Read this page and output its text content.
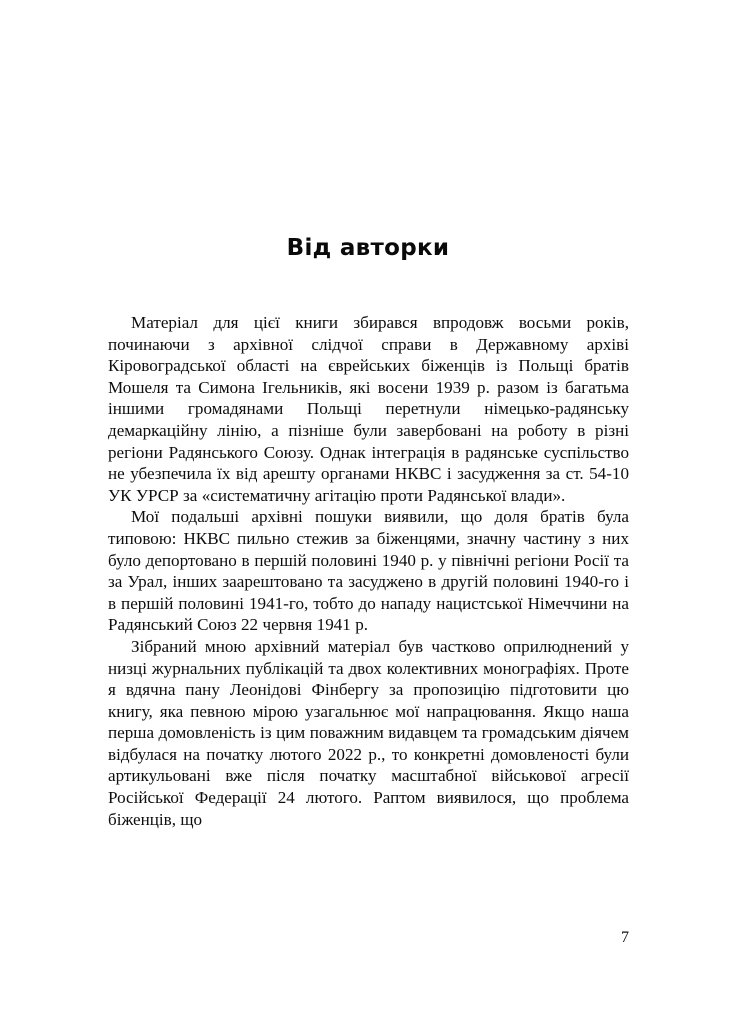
Від авторки

Матеріал для цієї книги збирався впродовж восьми років, починаючи з архівної слідчої справи в Державному архіві Кіровоградської області на єврейських біженців із Польщі братів Мошеля та Симона Ігельників, які восени 1939 р. разом із багатьма іншими громадянами Польщі перетнули німецько-радянську демаркаційну лінію, а пізніше були завербовані на роботу в різні регіони Радянського Союзу. Однак інтеграція в радянське суспільство не убезпечила їх від арешту органами НКВС і засудження за ст. 54-10 УК УРСР за «систематичну агітацію проти Радянської влади».

Мої подальші архівні пошуки виявили, що доля братів була типовою: НКВС пильно стежив за біженцями, значну частину з них було депортовано в першій половині 1940 р. у північні регіони Росії та за Урал, інших заарештовано та засуджено в другій половині 1940-го і в першій половині 1941-го, тобто до нападу нацистської Німеччини на Радянський Союз 22 червня 1941 р.

Зібраний мною архівний матеріал був частково оприлюднений у низці журнальних публікацій та двох колективних монографіях. Проте я вдячна пану Леонідові Фінбергу за пропозицію підготовити цю книгу, яка певною мірою узагальнює мої напрацювання. Якщо наша перша домовленість із цим поважним видавцем та громадським діячем відбулася на початку лютого 2022 р., то конкретні домовленості були артикульовані вже після початку масштабної військової агресії Російської Федерації 24 лютого. Раптом виявилося, що проблема біженців, що

7
